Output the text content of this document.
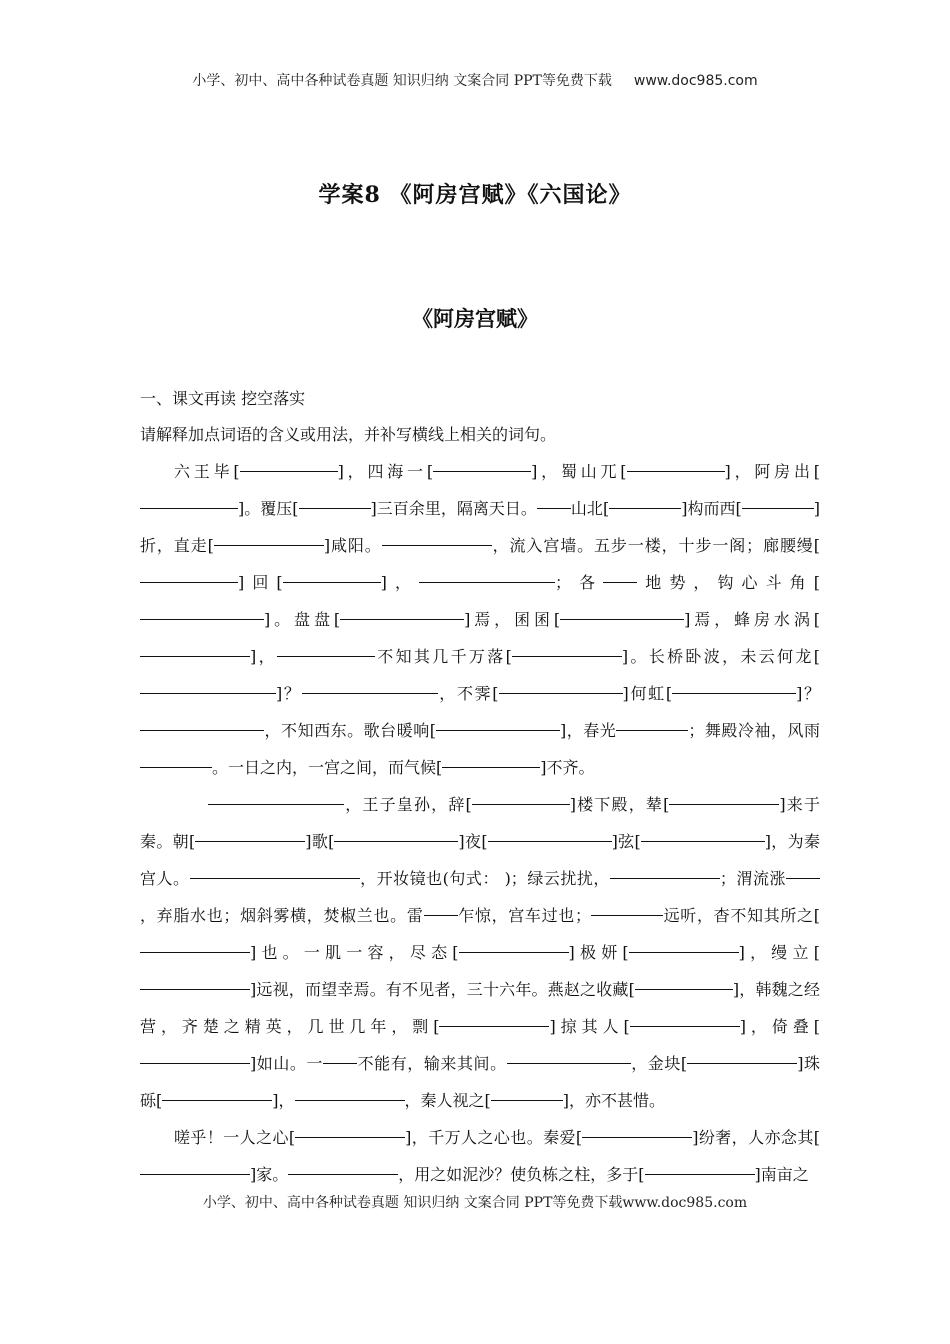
小学、初中、高中各种试卷真题 知识归纳 文案合同 PPT等免费下载 www.doc985.com
学案8 《阿房宫赋》《六国论》
《阿房宫赋》
一、课文再读 挖空落实
请解释加点词语的含义或用法，并补写横线上相关的词句。

六王毕[	]，四海一[	]，蜀山兀[	]，阿房出[]。覆压[	]三百余里，隔离天日。 山北[	]构而西[	]折，直走[	]咸阳。	，流入宫墙。五步一楼，十步一阁；廊腰缦[]回[	]，	；各 地势，钩心斗角[]。盘盘[	]焉，囷囷[	]焉，蜂房水涡[]，	不知其几千万落[	]。长桥卧波，未云何龙[]？	，不霁[	]何虹[	]？，不知西东。歌台暖响[	]，春光	；舞殿冷袖，风雨。一日之内，一宫之间，而气候[	]不齐。

，王子皇孙，辞[	]楼下殿，辇[	]来于秦。朝[	]歌[	]夜[	]弦[	]，为秦宫人。	，开妆镜也(句式： )；绿云扰扰，	；渭流涨，弃脂水也；烟斜雾横，焚椒兰也。雷 乍惊，宫车过也；	远听，杳不知其所之[]也。一肌一容，尽态[	]极妍[	]，缦立[]远视，而望幸焉。有不见者，三十六年。燕赵之收藏[	]，韩魏之经营，齐楚之精英，几世几年，剽[	]掠其人[	]，倚叠[]如山。一 不能有，输来其间。	，金块[	]珠砾[	]，	，秦人视之[	]，亦不甚惜。

嗟乎！一人之心[	]，千万人之心也。秦爱[	]纷奢，人亦念其[]家。	，用之如泥沙？使负栋之柱，多于[	]南亩之

小学、初中、高中各种试卷真题 知识归纳 文案合同 PPT等免费下载www.doc985.com
